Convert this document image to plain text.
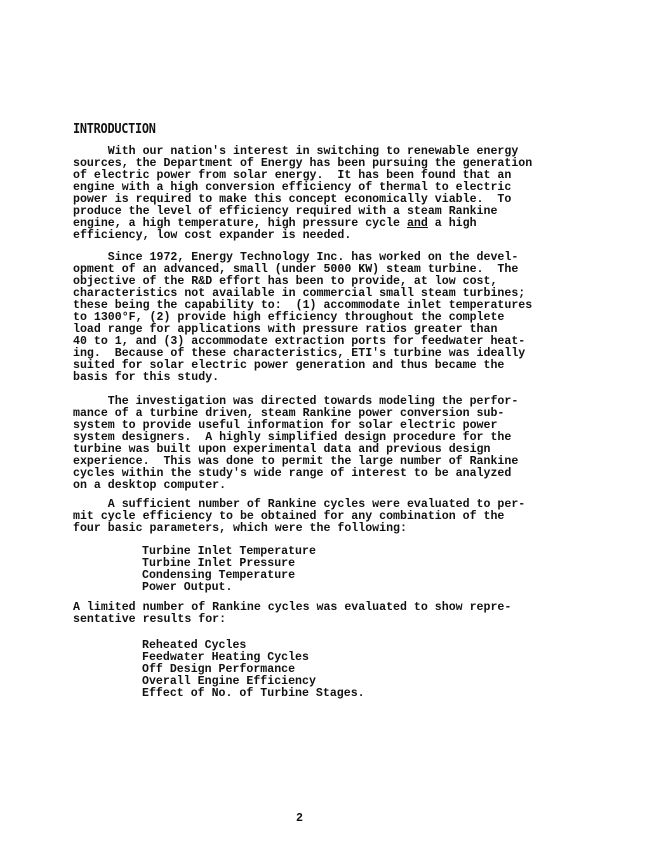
INTRODUCTION

With our nation's interest in switching to renewable energy
sources, the Department of Energy has been pursuing the generation
of electric power from solar energy.  It has been found that an
engine with a high conversion efficiency of thermal to electric
power is required to make this concept economically viable.  To
produce the level of efficiency required with a steam Rankine
engine, a high temperature, high pressure cycle and a high
efficiency, low cost expander is needed.

Since 1972, Energy Technology Inc. has worked on the devel-
opment of an advanced, small (under 5000 KW) steam turbine.  The
objective of the R&D effort has been to provide, at low cost,
characteristics not available in commercial small steam turbines;
these being the capability to:  (1) accommodate inlet temperatures
to 1300°F, (2) provide high efficiency throughout the complete
load range for applications with pressure ratios greater than
40 to 1, and (3) accommodate extraction ports for feedwater heat-
ing.  Because of these characteristics, ETI's turbine was ideally
suited for solar electric power generation and thus became the
basis for this study.

The investigation was directed towards modeling the perfor-
mance of a turbine driven, steam Rankine power conversion sub-
system to provide useful information for solar electric power
system designers.  A highly simplified design procedure for the
turbine was built upon experimental data and previous design
experience.  This was done to permit the large number of Rankine
cycles within the study's wide range of interest to be analyzed
on a desktop computer.

A sufficient number of Rankine cycles were evaluated to per-
mit cycle efficiency to be obtained for any combination of the
four basic parameters, which were the following:

Turbine Inlet Temperature
Turbine Inlet Pressure
Condensing Temperature
Power Output.

A limited number of Rankine cycles was evaluated to show repre-
sentative results for:

Reheated Cycles
Feedwater Heating Cycles
Off Design Performance
Overall Engine Efficiency
Effect of No. of Turbine Stages.
2
